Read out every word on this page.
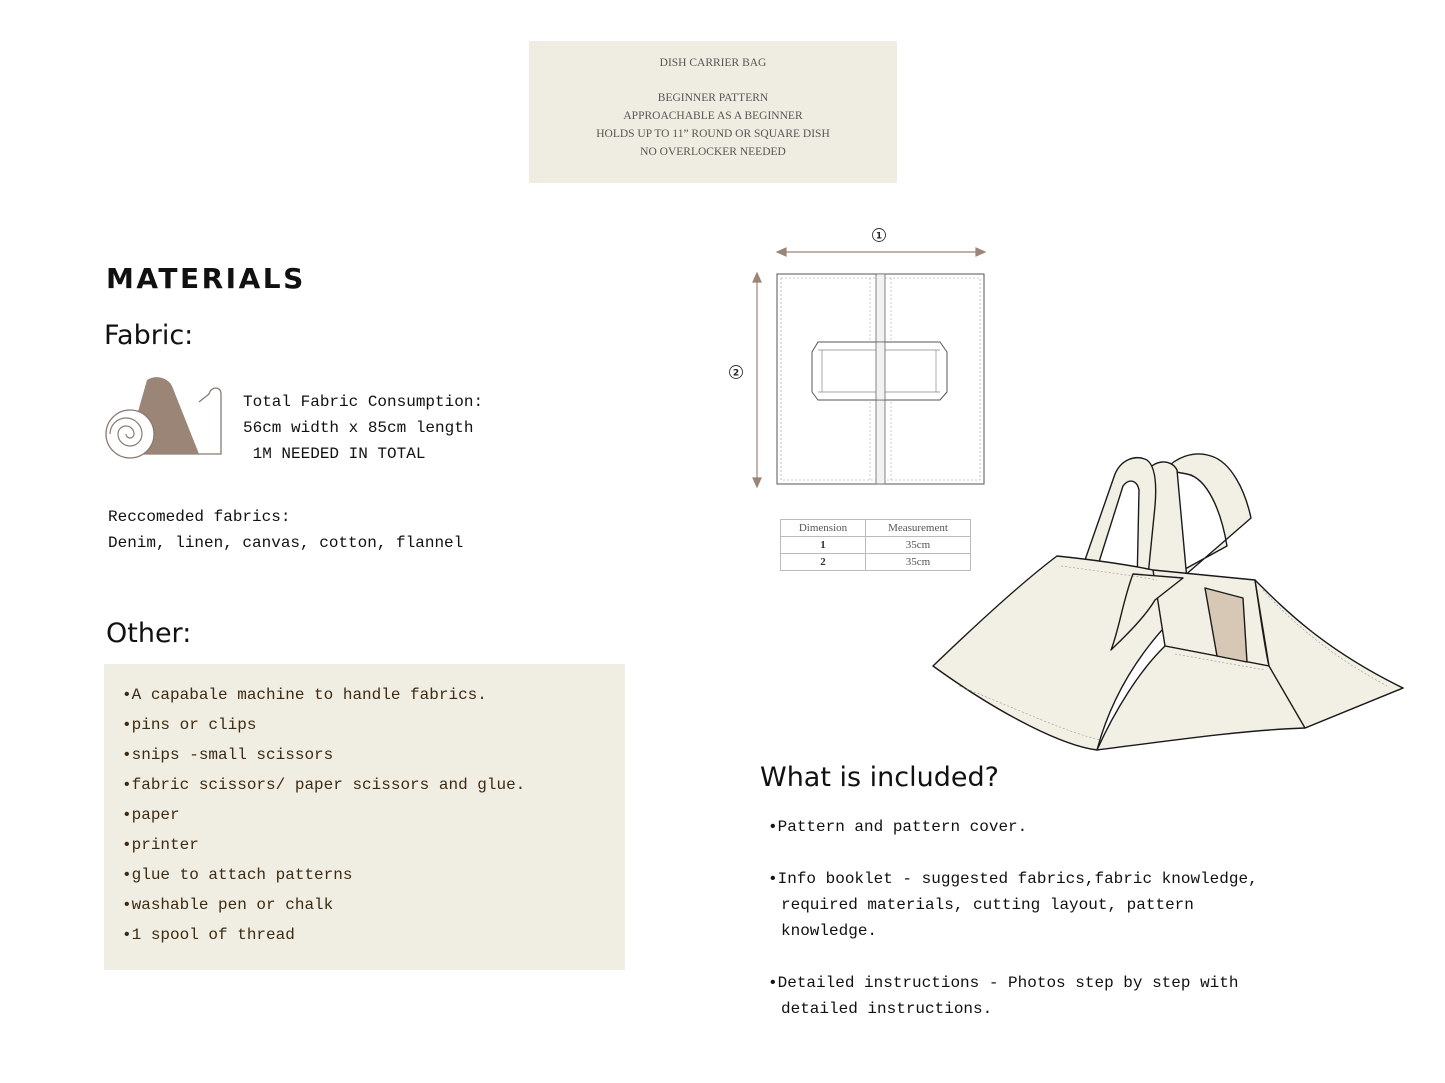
DISH CARRIER BAG
BEGINNER PATTERN
APPROACHABLE AS A BEGINNER
HOLDS UP TO 11” ROUND OR SQUARE DISH
NO OVERLOCKER NEEDED
MATERIALS
Fabric:
Total Fabric Consumption:
56cm width x 85cm length
1M NEEDED IN TOTAL
Reccomeded fabrics:
Denim, linen, canvas, cotton, flannel
Other:
•A capabale machine to handle fabrics.
•pins or clips
•snips -small scissors
•fabric scissors/ paper scissors and glue.
•paper
•printer
•glue to attach patterns
•washable pen or chalk
•1 spool of thread
1
2
Dimension	Measurement
1	35cm
2	35cm
What is included?
•Pattern and pattern cover.
•Info booklet - suggested fabrics,fabric knowledge,
required materials, cutting layout, pattern
knowledge.
•Detailed instructions - Photos step by step with
detailed instructions.
